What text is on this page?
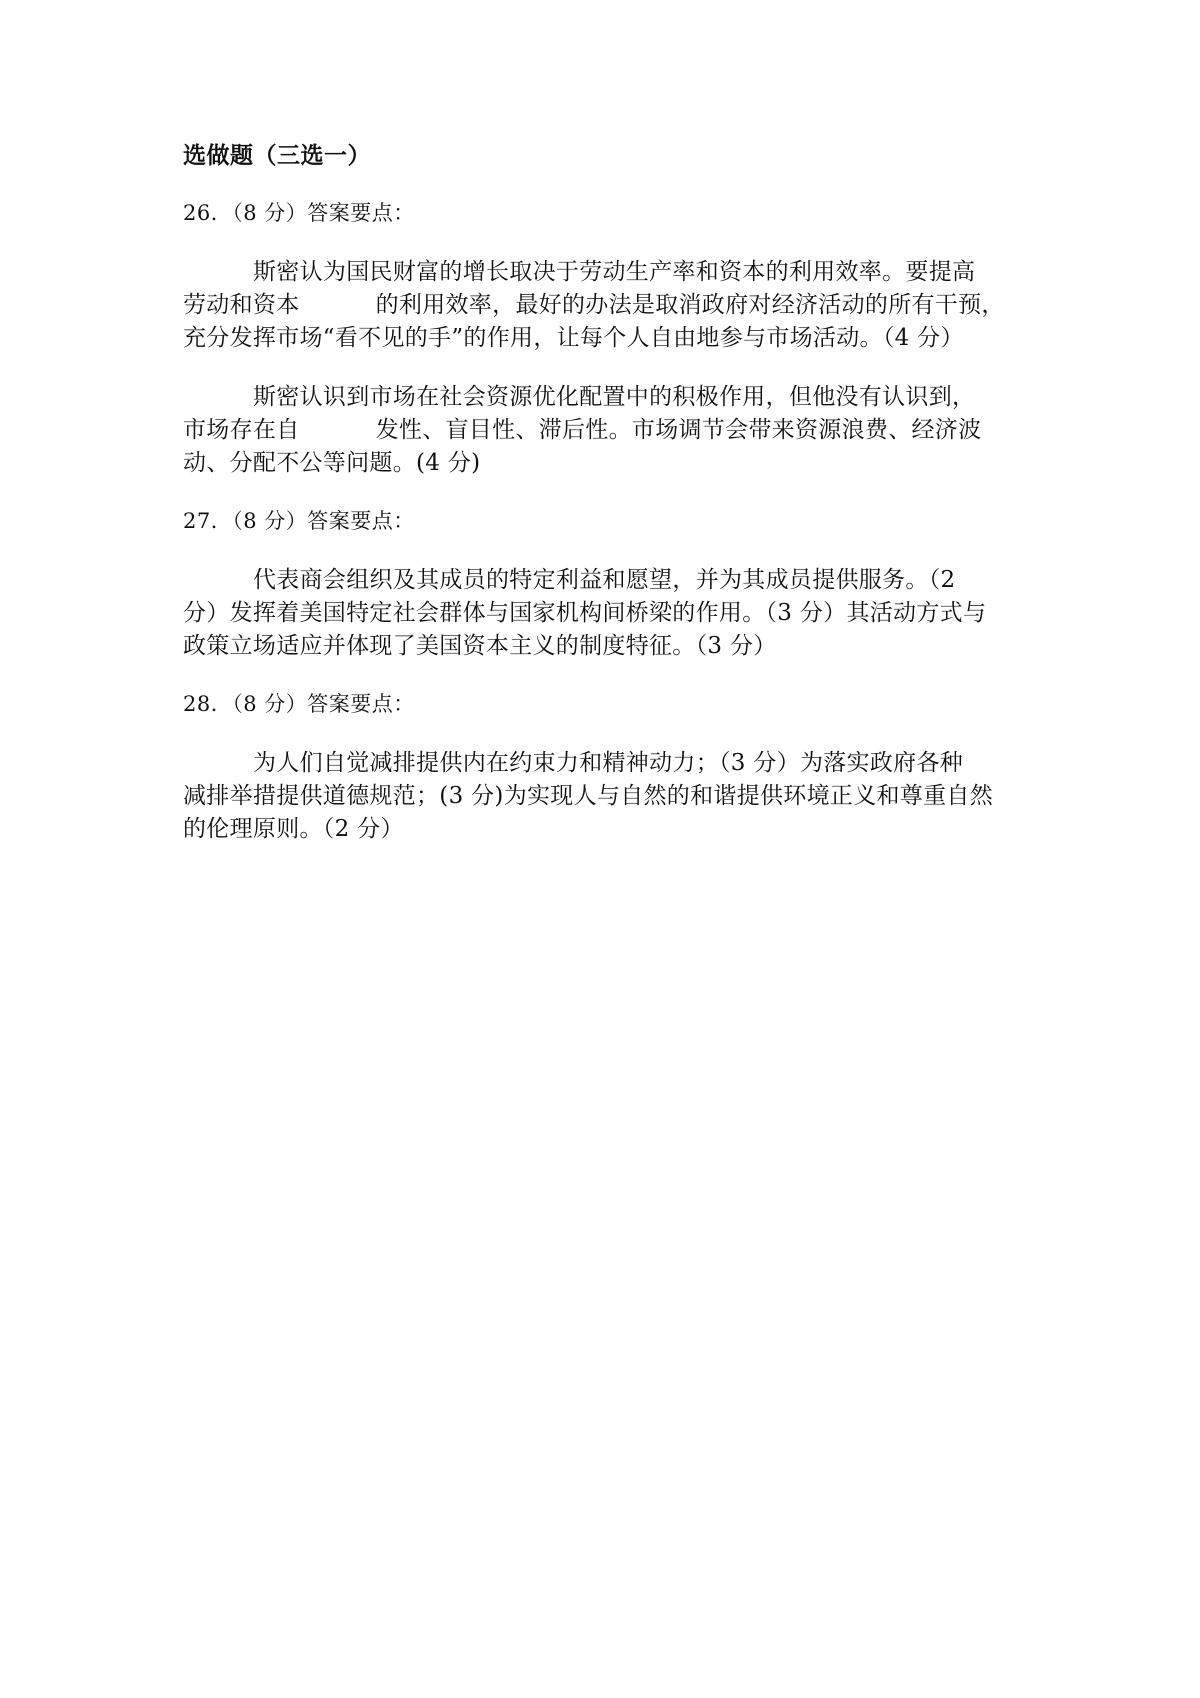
选做题（三选一）

26．（8 分）答案要点：

斯密认为国民财富的增长取决于劳动生产率和资本的利用效率。要提高
劳动和资本          的利用效率，最好的办法是取消政府对经济活动的所有干预，
充分发挥市场“看不见的手”的作用，让每个人自由地参与市场活动。（4 分）
斯密认识到市场在社会资源优化配置中的积极作用，但他没有认识到，
市场存在自          发性、盲目性、滞后性。市场调节会带来资源浪费、经济波
动、分配不公等问题。(4 分)

27．（8 分）答案要点：

代表商会组织及其成员的特定利益和愿望，并为其成员提供服务。（2
分）发挥着美国特定社会群体与国家机构间桥梁的作用。（3 分）其活动方式与
政策立场适应并体现了美国资本主义的制度特征。（3 分）

28．（8 分）答案要点：

为人们自觉减排提供内在约束力和精神动力；（3 分）为落实政府各种
减排举措提供道德规范；(3 分)为实现人与自然的和谐提供环境正义和尊重自然
的伦理原则。（2 分）
